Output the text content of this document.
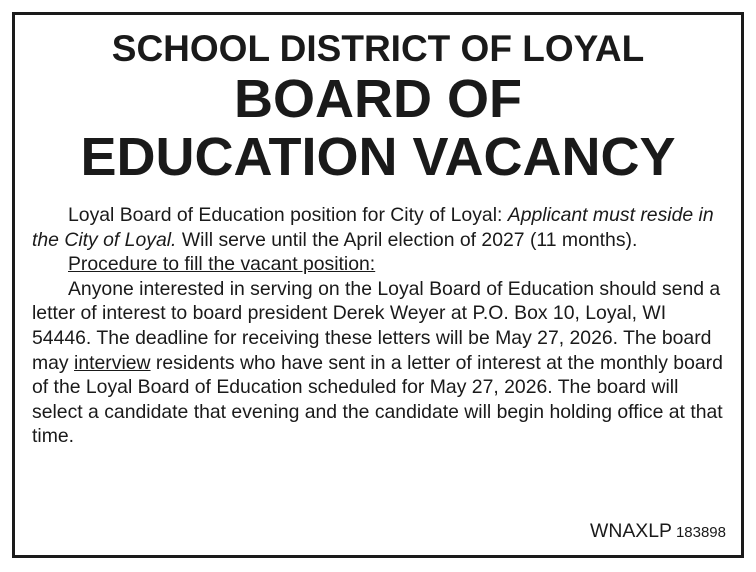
SCHOOL DISTRICT OF LOYAL
BOARD OF
EDUCATION VACANCY

Loyal Board of Education position for City of Loyal: Applicant must reside in the City of Loyal. Will serve until the April election of 2027 (11 months).

Procedure to fill the vacant position:

Anyone interested in serving on the Loyal Board of Education should send a letter of interest to board president Derek Weyer at P.O. Box 10, Loyal, WI 54446. The deadline for receiving these letters will be May 27, 2026. The board may interview residents who have sent in a letter of interest at the monthly board of the Loyal Board of Education scheduled for May 27, 2026. The board will select a candidate that evening and the candidate will begin holding office at that time.

WNAXLP 183898
